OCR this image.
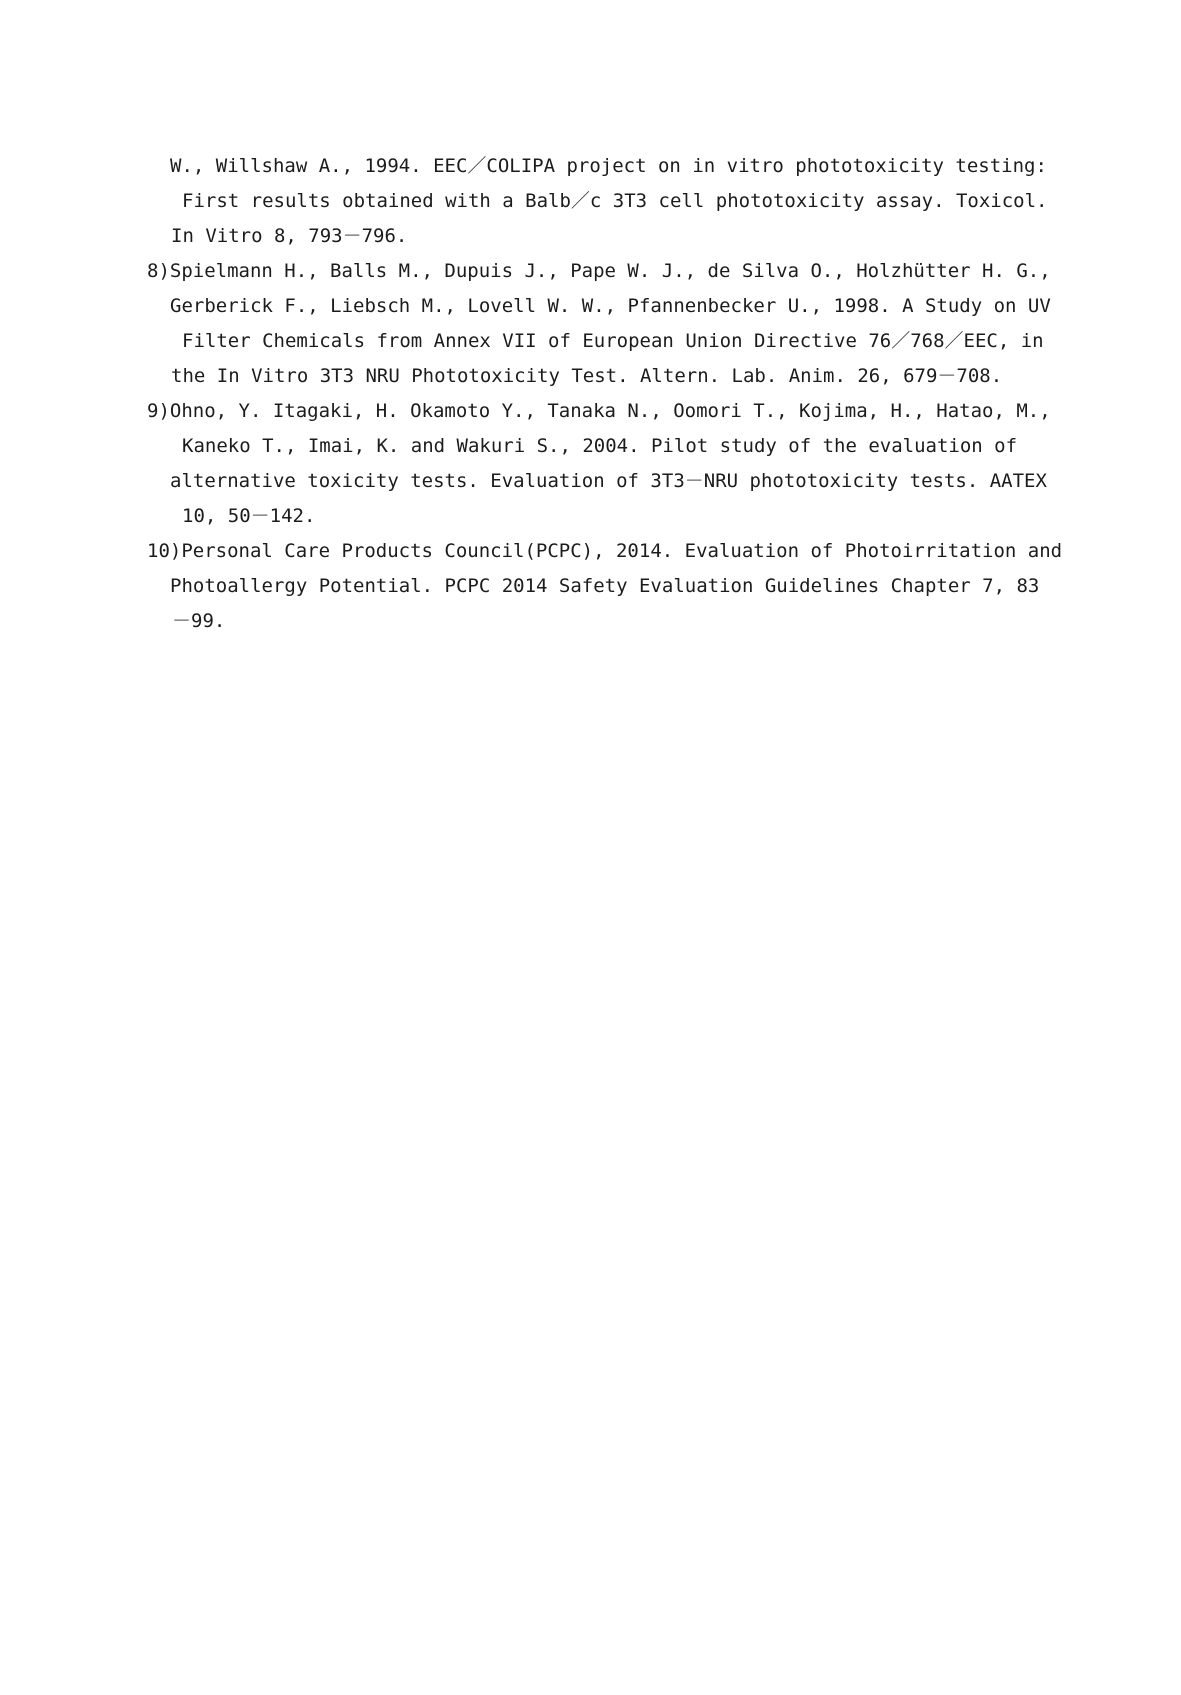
W., Willshaw A., 1994. EEC／COLIPA project on in vitro phototoxicity testing:

First results obtained with a Balb／c 3T3 cell phototoxicity assay. Toxicol.

In Vitro 8, 793－796.

8)Spielmann H., Balls M., Dupuis J., Pape W. J., de Silva O., Holzhütter H. G.,

Gerberick F., Liebsch M., Lovell W. W., Pfannenbecker U., 1998. A Study on UV

Filter Chemicals from Annex VII of European Union Directive 76／768／EEC, in

the In Vitro 3T3 NRU Phototoxicity Test. Altern. Lab. Anim. 26, 679－708.

9)Ohno, Y. Itagaki, H. Okamoto Y., Tanaka N., Oomori T., Kojima, H., Hatao, M.,

Kaneko T., Imai, K. and Wakuri S., 2004. Pilot study of the evaluation of

alternative toxicity tests. Evaluation of 3T3－NRU phototoxicity tests. AATEX

10, 50－142.

10)Personal Care Products Council(PCPC), 2014. Evaluation of Photoirritation and

Photoallergy Potential. PCPC 2014 Safety Evaluation Guidelines Chapter 7, 83

－99.
